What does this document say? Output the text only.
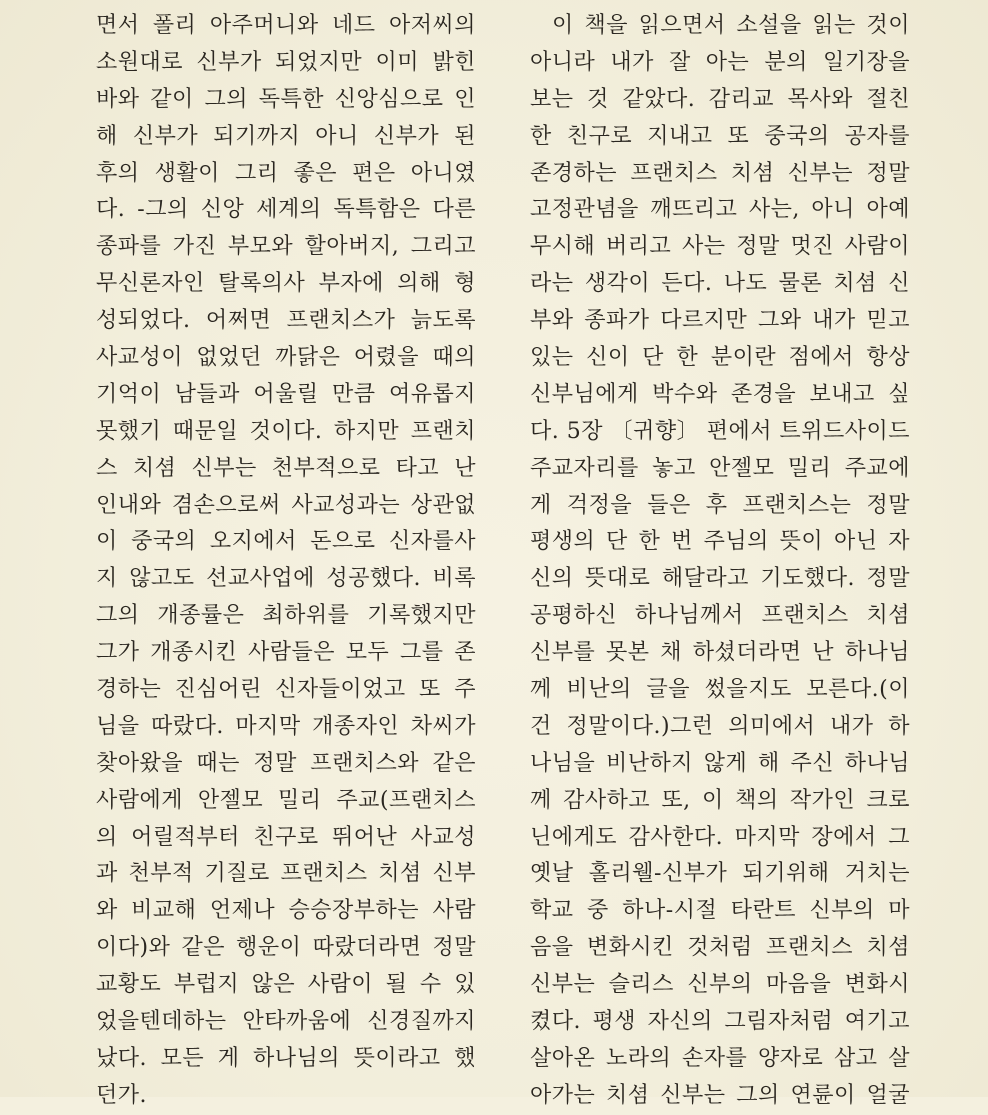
면서 폴리 아주머니와 네드 아저씨의
소원대로 신부가 되었지만 이미 밝힌
바와 같이 그의 독특한 신앙심으로 인
해 신부가 되기까지 아니 신부가 된
후의 생활이 그리 좋은 편은 아니였
다. -그의 신앙 세계의 독특함은 다른
종파를 가진 부모와 할아버지, 그리고
무신론자인 탈록의사 부자에 의해 형
성되었다. 어쩌면 프랜치스가 늙도록
사교성이 없었던 까닭은 어렸을 때의
기억이 남들과 어울릴 만큼 여유롭지
못했기 때문일 것이다. 하지만 프랜치
스 치셤 신부는 천부적으로 타고 난
인내와 겸손으로써 사교성과는 상관없
이 중국의 오지에서 돈으로 신자를사
지 않고도 선교사업에 성공했다. 비록
그의 개종률은 최하위를 기록했지만
그가 개종시킨 사람들은 모두 그를 존
경하는 진심어린 신자들이었고 또 주
님을 따랐다. 마지막 개종자인 차씨가
찾아왔을 때는 정말 프랜치스와 같은
사람에게 안젤모 밀리 주교(프랜치스
의 어릴적부터 친구로 뛰어난 사교성
과 천부적 기질로 프랜치스 치셤 신부
와 비교해 언제나 승승장부하는 사람
이다)와 같은 행운이 따랐더라면 정말
교황도 부럽지 않은 사람이 될 수 있
었을텐데하는 안타까움에 신경질까지
났다. 모든 게 하나님의 뜻이라고 했
던가.
이 책을 읽으면서 소설을 읽는 것이
아니라 내가 잘 아는 분의 일기장을
보는 것 같았다. 감리교 목사와 절친
한 친구로 지내고 또 중국의 공자를
존경하는 프랜치스 치셤 신부는 정말
고정관념을 깨뜨리고 사는, 아니 아예
무시해 버리고 사는 정말 멋진 사람이
라는 생각이 든다. 나도 물론 치셤 신
부와 종파가 다르지만 그와 내가 믿고
있는 신이 단 한 분이란 점에서 항상
신부님에게 박수와 존경을 보내고 싶
다. 5장 〔귀향〕 편에서 트위드사이드
주교자리를 놓고 안젤모 밀리 주교에
게 걱정을 들은 후 프랜치스는 정말
평생의 단 한 번 주님의 뜻이 아닌 자
신의 뜻대로 해달라고 기도했다. 정말
공평하신 하나님께서 프랜치스 치셤
신부를 못본 채 하셨더라면 난 하나님
께 비난의 글을 썼을지도 모른다.(이
건 정말이다.)그런 의미에서 내가 하
나님을 비난하지 않게 해 주신 하나님
께 감사하고 또, 이 책의 작가인 크로
닌에게도 감사한다. 마지막 장에서 그
옛날 홀리웰-신부가 되기위해 거치는
학교 중 하나-시절 타란트 신부의 마
음을 변화시킨 것처럼 프랜치스 치셤
신부는 슬리스 신부의 마음을 변화시
켰다. 평생 자신의 그림자처럼 여기고
살아온 노라의 손자를 양자로 삼고 살
아가는 치셤 신부는 그의 연륜이 얼굴
